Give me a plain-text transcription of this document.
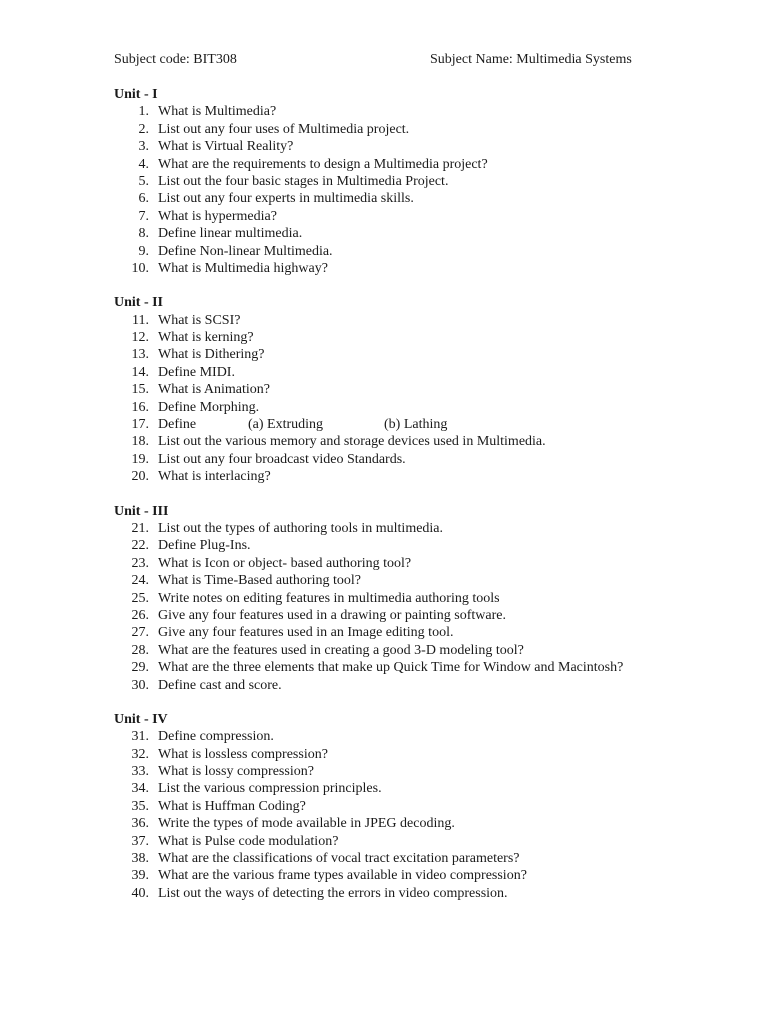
Subject code: BIT308	Subject Name: Multimedia Systems
Unit - I
1. What is Multimedia?
2. List out any four uses of Multimedia project.
3. What is Virtual Reality?
4. What are the requirements to design a Multimedia project?
5. List out the four basic stages in Multimedia Project.
6. List out any four experts in multimedia skills.
7. What is hypermedia?
8. Define linear multimedia.
9. Define Non-linear Multimedia.
10. What is Multimedia highway?
Unit - II
11. What is SCSI?
12. What is kerning?
13. What is Dithering?
14. Define MIDI.
15. What is Animation?
16. Define Morphing.
17. Define	(a) Extruding	(b) Lathing
18. List out the various memory and storage devices used in Multimedia.
19. List out any four broadcast video Standards.
20. What is interlacing?
Unit - III
21. List out the types of authoring tools in multimedia.
22. Define Plug-Ins.
23. What is Icon or object- based authoring tool?
24. What is Time-Based authoring tool?
25. Write notes on editing features in multimedia authoring tools
26. Give any four features used in a drawing or painting software.
27. Give any four features used in an Image editing tool.
28. What are the features used in creating a good 3-D modeling tool?
29. What are the three elements that make up Quick Time for Window and Macintosh?
30. Define cast and score.
Unit - IV
31. Define compression.
32. What is lossless compression?
33. What is lossy compression?
34. List the various compression principles.
35. What is Huffman Coding?
36. Write the types of mode available in JPEG decoding.
37. What is Pulse code modulation?
38. What are the classifications of vocal tract excitation parameters?
39. What are the various frame types available in video compression?
40. List out the ways of detecting the errors in video compression.
